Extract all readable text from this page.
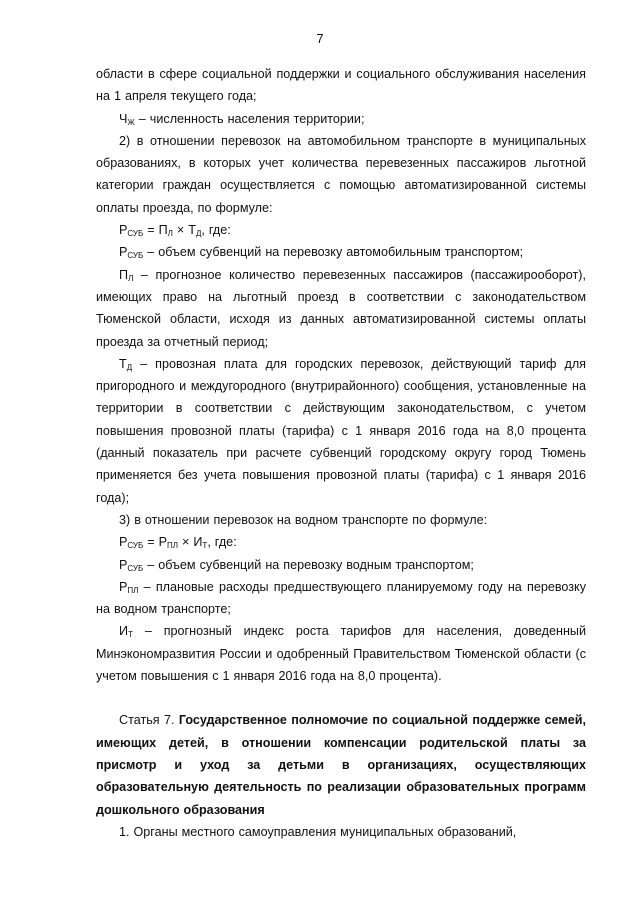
7

области в сфере социальной поддержки и социального обслуживания населения на 1 апреля текущего года;

$Ч_Ж$ – численность населения территории;

2) в отношении перевозок на автомобильном транспорте в муниципальных образованиях, в которых учет количества перевезенных пассажиров льготной категории граждан осуществляется с помощью автоматизированной системы оплаты проезда, по формуле:

$Р_{СУБ} = П_Л \times Т_Д$, где:

$Р_{СУБ}$ – объем субвенций на перевозку автомобильным транспортом;

$П_Л$ – прогнозное количество перевезенных пассажиров (пассажирооборот), имеющих право на льготный проезд в соответствии с законодательством Тюменской области, исходя из данных автоматизированной системы оплаты проезда за отчетный период;

$Т_Д$ – провозная плата для городских перевозок, действующий тариф для пригородного и междугородного (внутрирайонного) сообщения, установленные на территории в соответствии с действующим законодательством, с учетом повышения провозной платы (тарифа) с 1 января 2016 года на 8,0 процента (данный показатель при расчете субвенций городскому округу город Тюмень применяется без учета повышения провозной платы (тарифа) с 1 января 2016 года);

3) в отношении перевозок на водном транспорте по формуле:

$Р_{СУБ} = Р_{ПЛ} \times И_Т$, где:

$Р_{СУБ}$ – объем субвенций на перевозку водным транспортом;

$Р_{ПЛ}$ – плановые расходы предшествующего планируемому году на перевозку на водном транспорте;

$И_Т$ – прогнозный индекс роста тарифов для населения, доведенный Минэкономразвития России и одобренный Правительством Тюменской области (с учетом повышения с 1 января 2016 года на 8,0 процента).

Статья 7. Государственное полномочие по социальной поддержке семей, имеющих детей, в отношении компенсации родительской платы за присмотр и уход за детьми в организациях, осуществляющих образовательную деятельность по реализации образовательных программ дошкольного образования

1. Органы местного самоуправления муниципальных образований,
